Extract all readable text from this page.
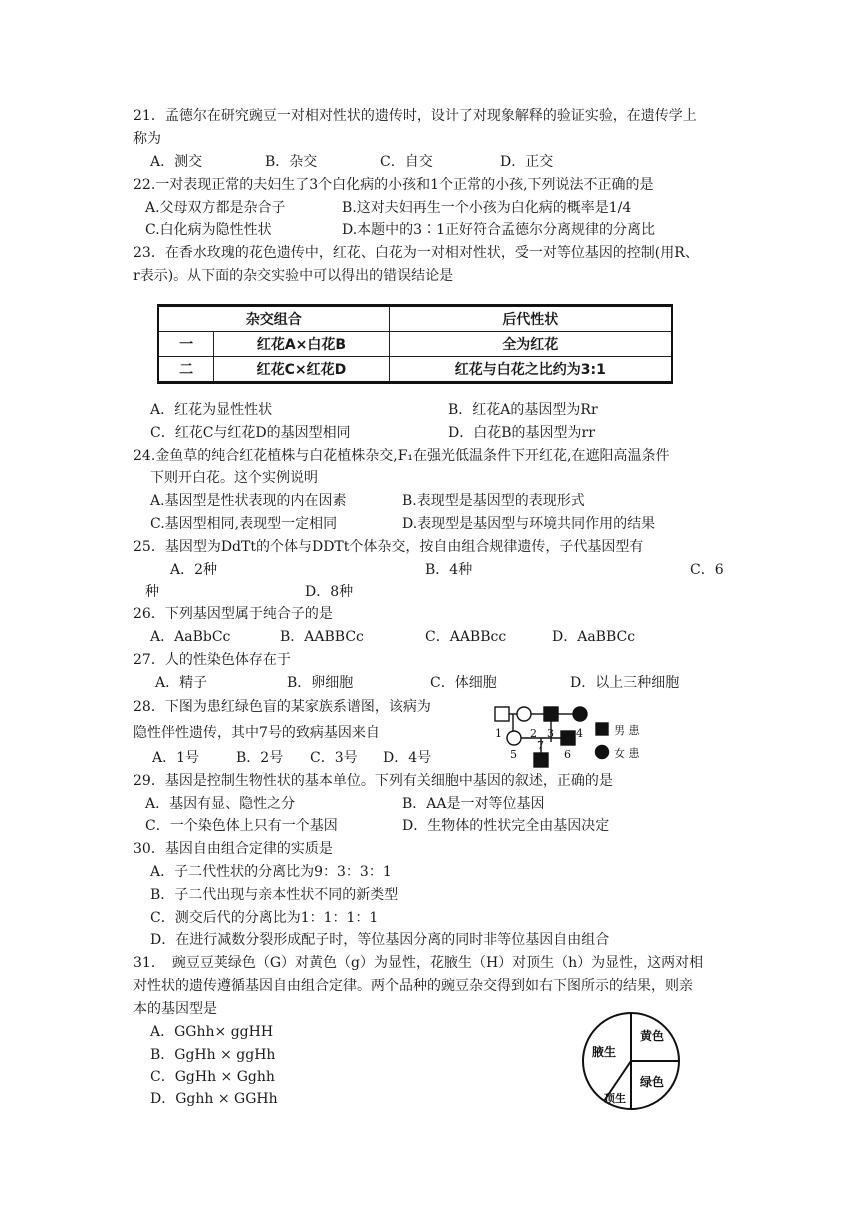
21．孟德尔在研究豌豆一对相对性状的遗传时，设计了对现象解释的验证实验，在遗传学上
称为
A．测交	B．杂交	C．自交	D．正交
22.一对表现正常的夫妇生了3个白化病的小孩和1个正常的小孩,下列说法不正确的是
A.父母双方都是杂合子	B.这对夫妇再生一个小孩为白化病的概率是1/4
C.白化病为隐性性状	D.本题中的3∶1正好符合孟德尔分离规律的分离比
23．在香水玫瑰的花色遗传中，红花、白花为一对相对性状，受一对等位基因的控制(用R、
r表示)。从下面的杂交实验中可以得出的错误结论是
杂交组合		后代性状
一	红花A×白花B	全为红花
二	红花C×红花D	红花与白花之比约为3:1
A．红花为显性性状	B．红花A的基因型为Rr
C．红花C与红花D的基因型相同	D．白花B的基因型为rr
24.金鱼草的纯合红花植株与白花植株杂交,F₁在强光低温条件下开红花,在遮阳高温条件
下则开白花。这个实例说明
A.基因型是性状表现的内在因素	B.表现型是基因型的表现形式
C.基因型相同,表现型一定相同	D.表现型是基因型与环境共同作用的结果
25．基因型为DdTt的个体与DDTt个体杂交，按自由组合规律遗传，子代基因型有
A．2种	B．4种	C．6
种	D．8种
26．下列基因型属于纯合子的是
A．AaBbCc	B．AABBCc	C．AABBcc	D．AaBBCc
27．人的性染色体存在于
A．精子	B．卵细胞	C．体细胞	D．以上三种细胞
28．下图为患红绿色盲的某家族系谱图，该病为
隐性伴性遗传，其中7号的致病基因来自
A．1号	B．2号 C．3号 D．4号
1	2 3 4
5	6
7
男 患
女 患
29．基因是控制生物性状的基本单位。下列有关细胞中基因的叙述，正确的是
A．基因有显、隐性之分	B．AA是一对等位基因
C．一个染色体上只有一个基因	D．生物体的性状完全由基因决定
30．基因自由组合定律的实质是
A．子二代性状的分离比为9：3：3：1
B．子二代出现与亲本性状不同的新类型
C．测交后代的分离比为1：1：1：1
D．在进行减数分裂形成配子时，等位基因分离的同时非等位基因自由组合
31．　豌豆豆荚绿色（G）对黄色（g）为显性，花腋生（H）对顶生（h）为显性，这两对相
对性状的遗传遵循基因自由组合定律。两个品种的豌豆杂交得到如右下图所示的结果，则亲
本的基因型是
A．GGhh× ggHH
B．GgHh × ggHh
C．GgHh × Gghh
D．Gghh × GGHh
腋生
黄色
绿色
顶生
